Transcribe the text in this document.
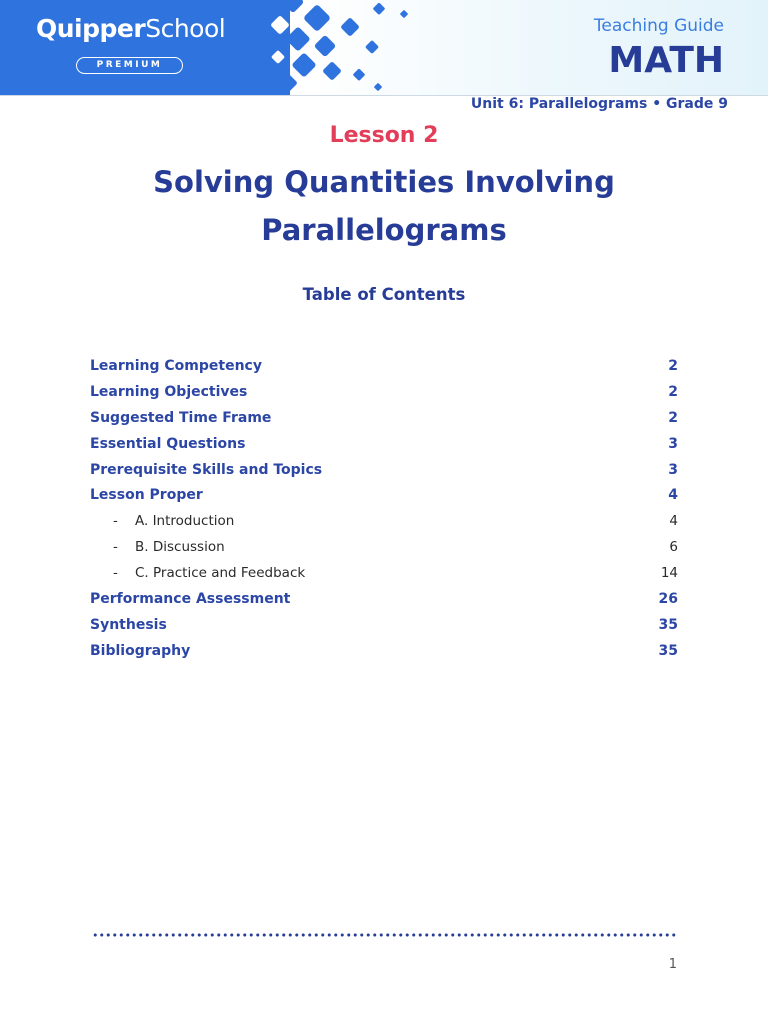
QuipperSchool
PREMIUM
Teaching Guide
MATH
Unit 6: Parallelograms • Grade 9
Lesson 2
Solving Quantities Involving
Parallelograms
Table of Contents
Learning Competency	2
Learning Objectives	2
Suggested Time Frame	2
Essential Questions	3
Prerequisite Skills and Topics	3
Lesson Proper	4
- A. Introduction	4
- B. Discussion	6
- C. Practice and Feedback	14
Performance Assessment	26
Synthesis	35
Bibliography	35
1
